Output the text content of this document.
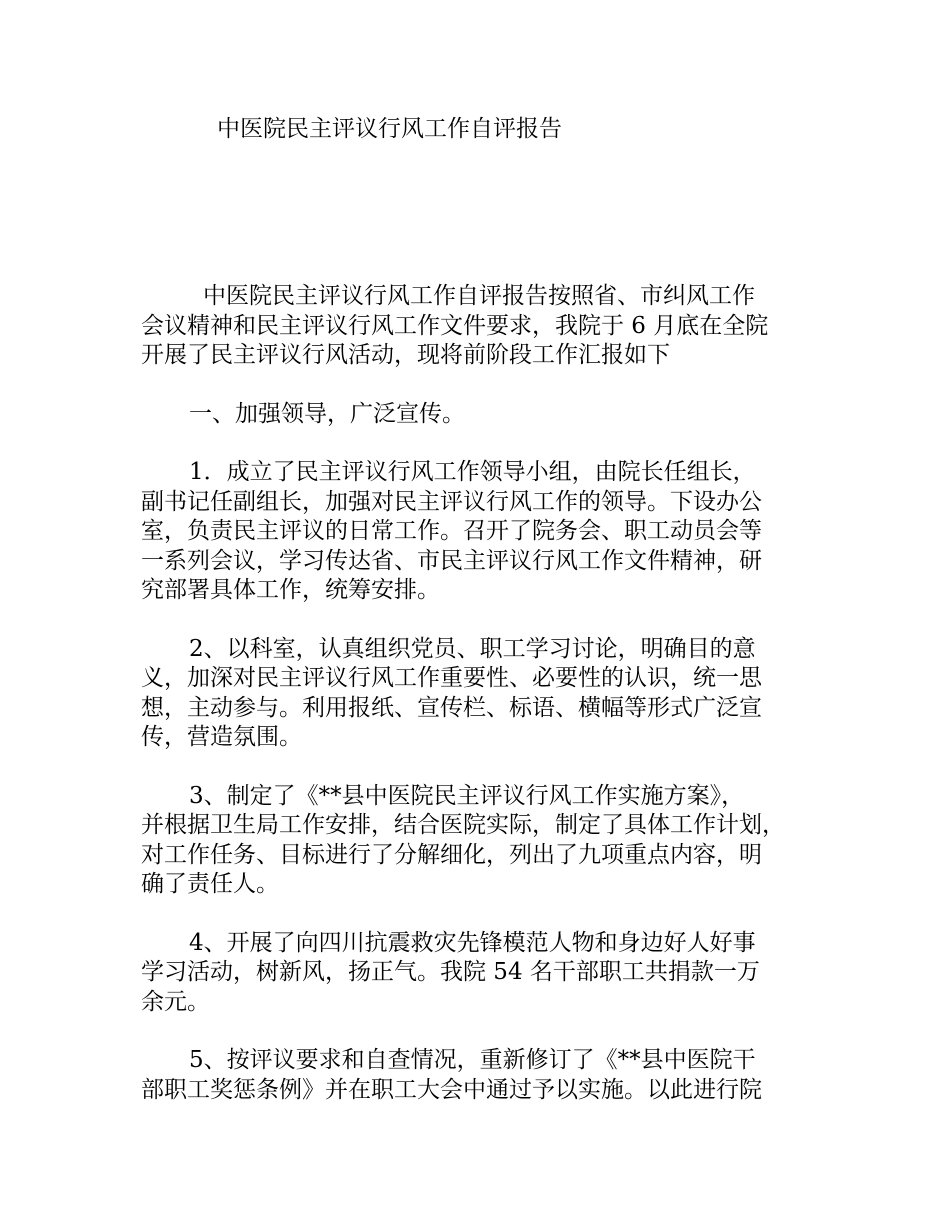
中医院民主评议行风工作自评报告

中医院民主评议行风工作自评报告按照省、市纠风工作
会议精神和民主评议行风工作文件要求，我院于 6 月底在全院
开展了民主评议行风活动，现将前阶段工作汇报如下

一、加强领导，广泛宣传。

1．成立了民主评议行风工作领导小组，由院长任组长，
副书记任副组长，加强对民主评议行风工作的领导。下设办公
室，负责民主评议的日常工作。召开了院务会、职工动员会等
一系列会议，学习传达省、市民主评议行风工作文件精神，研
究部署具体工作，统筹安排。

2、以科室，认真组织党员、职工学习讨论，明确目的意
义，加深对民主评议行风工作重要性、必要性的认识，统一思
想，主动参与。利用报纸、宣传栏、标语、横幅等形式广泛宣
传，营造氛围。

3、制定了《**县中医院民主评议行风工作实施方案》，
并根据卫生局工作安排，结合医院实际，制定了具体工作计划，
对工作任务、目标进行了分解细化，列出了九项重点内容，明
确了责任人。

4、开展了向四川抗震救灾先锋模范人物和身边好人好事
学习活动，树新风，扬正气。我院 54 名干部职工共捐款一万
余元。

5、按评议要求和自查情况，重新修订了《**县中医院干
部职工奖惩条例》并在职工大会中通过予以实施。以此进行院
